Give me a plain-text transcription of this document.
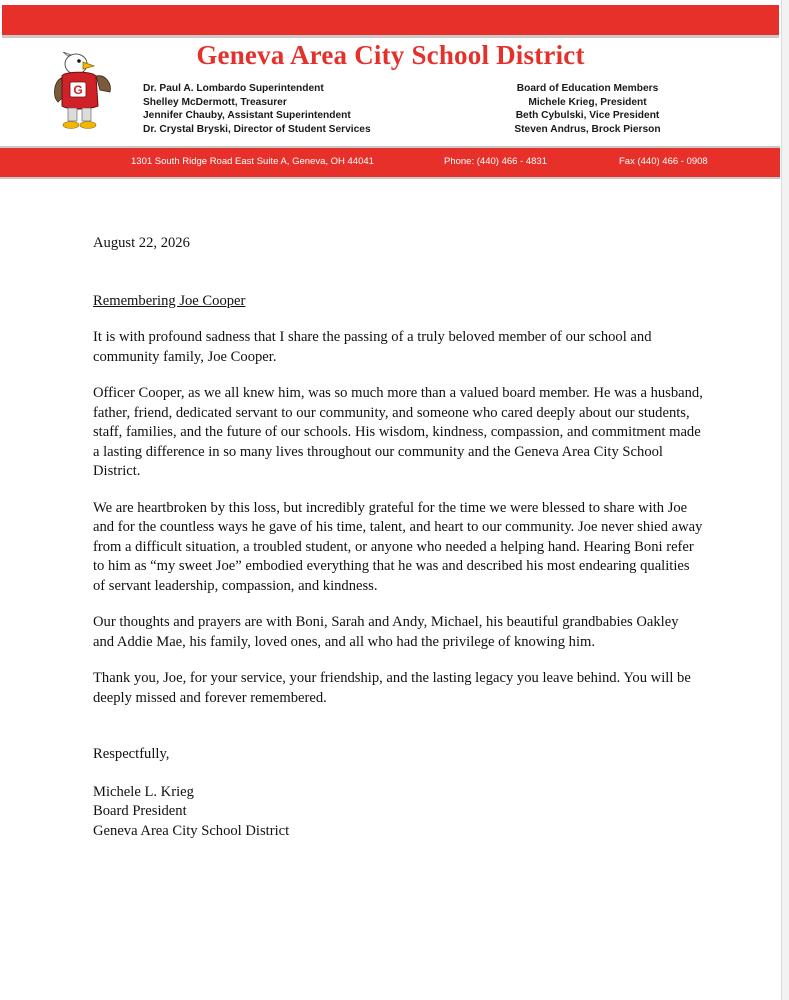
Geneva Area City School District
G	Dr. Paul A. Lombardo Superintendent
Shelley McDermott, Treasurer
Jennifer Chauby, Assistant Superintendent
Dr. Crystal Bryski, Director of Student Services
Board of Education Members
Michele Krieg, President
Beth Cybulski, Vice President
Steven Andrus, Brock Pierson
1301 South Ridge Road East Suite A, Geneva, OH 44041	Phone: (440) 466 - 4831	Fax (440) 466 - 0908

August 22, 2026

Remembering Joe Cooper

It is with profound sadness that I share the passing of a truly beloved member of our school and community family, Joe Cooper.

Officer Cooper, as we all knew him, was so much more than a valued board member. He was a husband, father, friend, dedicated servant to our community, and someone who cared deeply about our students, staff, families, and the future of our schools. His wisdom, kindness, compassion, and commitment made a lasting difference in so many lives throughout our community and the Geneva Area City School District.

We are heartbroken by this loss, but incredibly grateful for the time we were blessed to share with Joe and for the countless ways he gave of his time, talent, and heart to our community. Joe never shied away from a difficult situation, a troubled student, or anyone who needed a helping hand. Hearing Boni refer to him as “my sweet Joe” embodied everything that he was and described his most endearing qualities of servant leadership, compassion, and kindness.

Our thoughts and prayers are with Boni, Sarah and Andy, Michael, his beautiful grandbabies Oakley and Addie Mae, his family, loved ones, and all who had the privilege of knowing him.

Thank you, Joe, for your service, your friendship, and the lasting legacy you leave behind. You will be deeply missed and forever remembered.

Respectfully,

Michele L. Krieg

Board President

Geneva Area City School District
